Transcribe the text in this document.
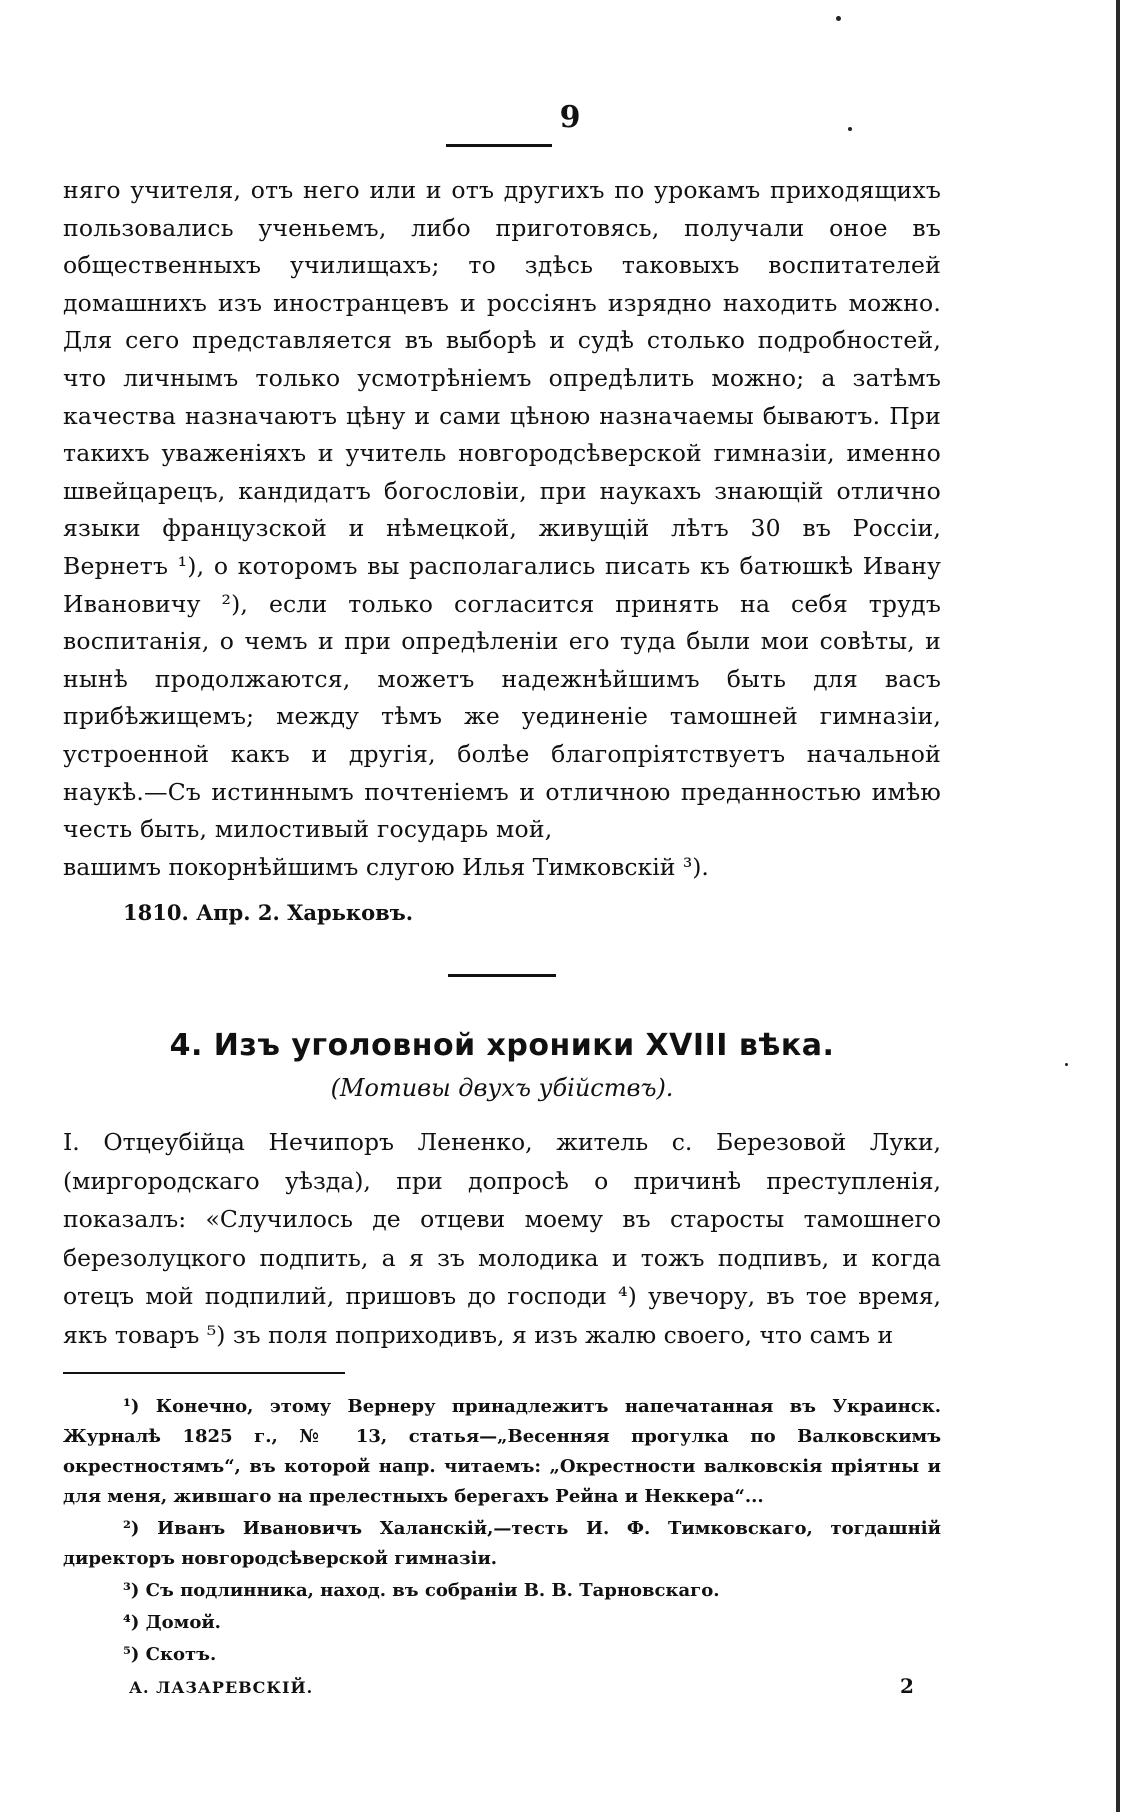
9

няго учителя, отъ него или и отъ другихъ по урокамъ приходящихъ пользовались ученьемъ, либо приготовясь, получали оное въ общественныхъ училищахъ; то здѣсь таковыхъ воспитателей домашнихъ изъ иностранцевъ и россіянъ изрядно находить можно. Для сего представляется въ выборѣ и судѣ столько подробностей, что личнымъ только усмотрѣніемъ опредѣлить можно; а затѣмъ качества назначаютъ цѣну и сами цѣною назначаемы бываютъ. При такихъ уваженіяхъ и учитель новгородсѣверской гимназіи, именно швейцарецъ, кандидатъ богословіи, при наукахъ знающій отлично языки французской и нѣмецкой, живущій лѣтъ 30 въ Россіи, Вернетъ ¹), о которомъ вы располагались писать къ батюшкѣ Ивану Ивановичу ²), если только согласится принять на себя трудъ воспитанія, о чемъ и при опредѣленіи его туда были мои совѣты, и нынѣ продолжаются, можетъ надежнѣйшимъ быть для васъ прибѣжищемъ; между тѣмъ же уединеніе тамошней гимназіи, устроенной какъ и другія, болѣе благопріятствуетъ начальной наукѣ.—Съ истиннымъ почтеніемъ и отличною преданностью имѣю честь быть, милостивый государь мой,

вашимъ покорнѣйшимъ слугою Илья Тимковскій ³).

1810. Апр. 2. Харьковъ.
4. Изъ уголовной хроники XVIII вѣка.
(Мотивы двухъ убійствъ).

I. Отцеубійца Нечипоръ Лененко, житель с. Березовой Луки, (миргородскаго уѣзда), при допросѣ о причинѣ преступленія, показалъ: «Случилось де отцеви моему въ старосты тамошнего березолуцкого подпить, а я зъ молодика и тожъ подпивъ, и когда отецъ мой подпилий, пришовъ до господи ⁴) увечору, въ тое время, якъ товаръ ⁵) зъ поля поприходивъ, я изъ жалю своего, что самъ и

¹) Конечно, этому Вернеру принадлежитъ напечатанная въ Украинск. Журналѣ 1825 г., № 13, статья—„Весенняя прогулка по Валковскимъ окрестностямъ“, въ которой напр. читаемъ: „Окрестности валковскія пріятны и для меня, жившаго на прелестныхъ берегахъ Рейна и Неккера“...

²) Иванъ Ивановичъ Халанскій,—тесть И. Ф. Тимковскаго, тогдашній директоръ новгородсѣверской гимназіи.

³) Съ подлинника, наход. въ собраніи В. В. Тарновскаго.

⁴) Домой.

⁵) Скотъ.

А. ЛАЗАРЕВСКІЙ.	2
